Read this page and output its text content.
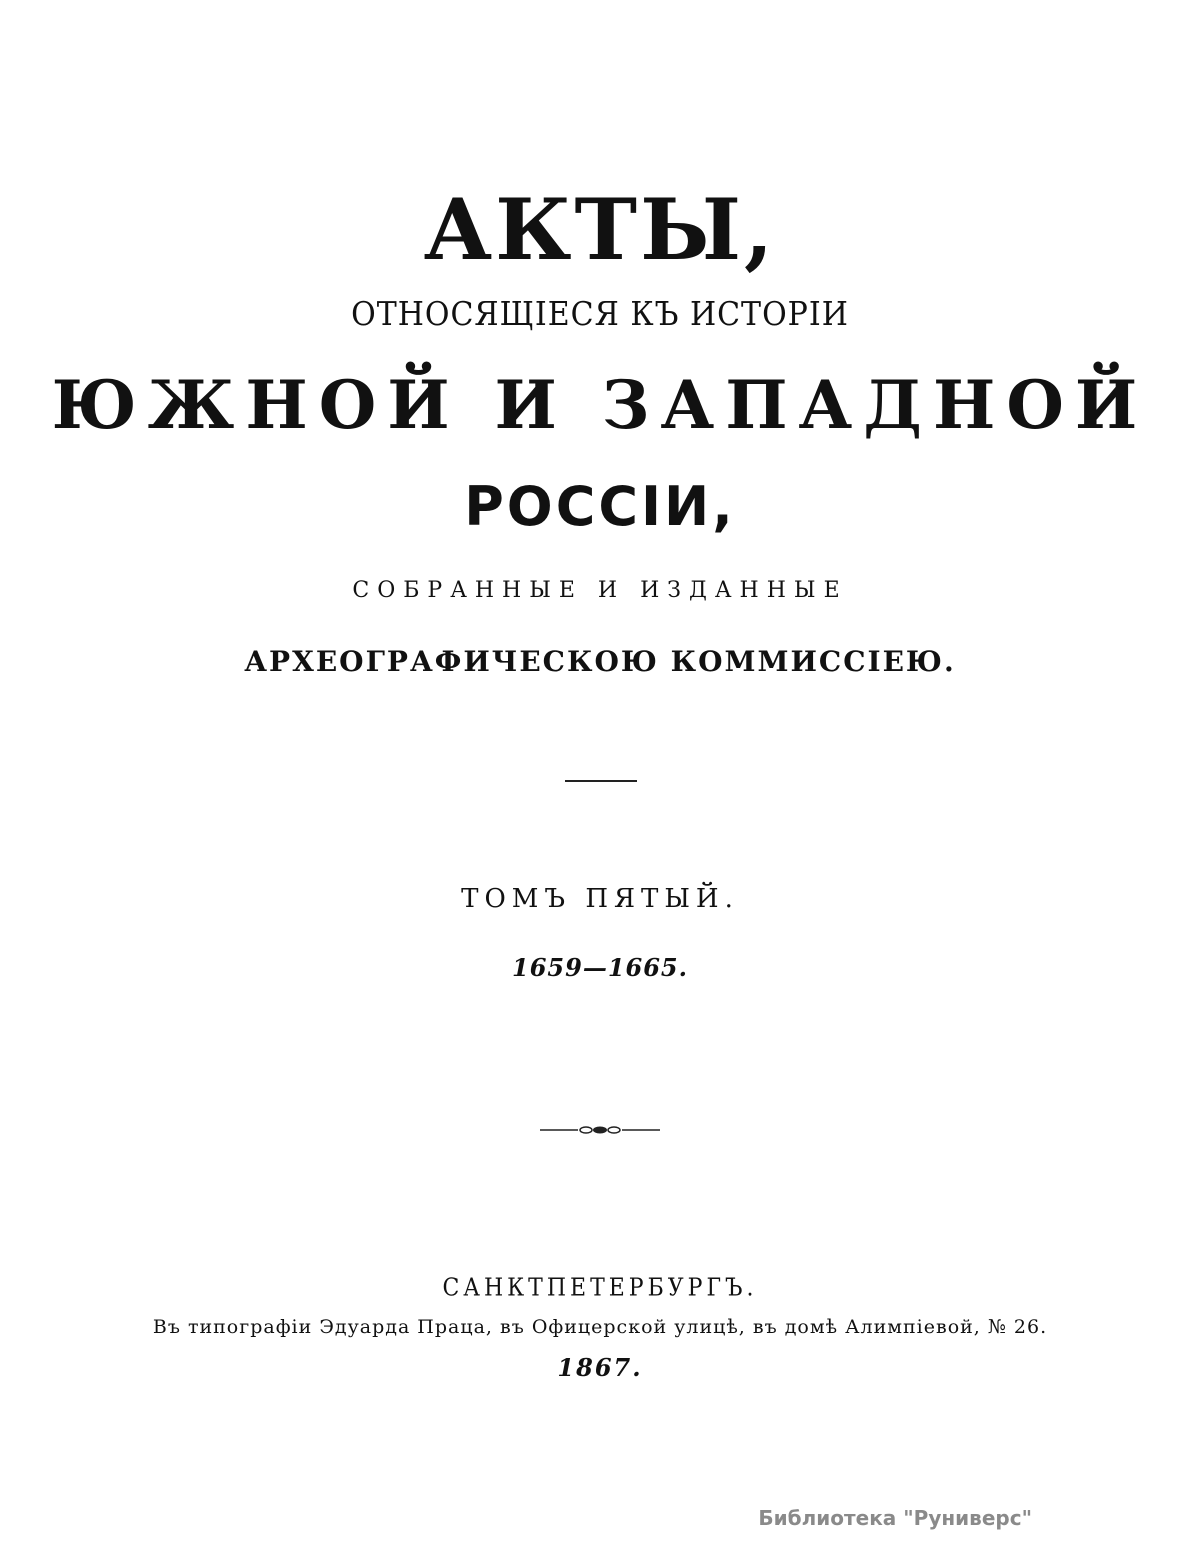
АКТЫ,
ОТНОСЯЩIЕСЯ КЪ ИСТОРIИ
ЮЖНОЙ И ЗАПАДНОЙ
РОССIИ,
СОБРАННЫЕ И ИЗДАННЫЕ
АРХЕОГРАФИЧЕСКОЮ КОММИССIЕЮ.
ТОМЪ ПЯТЫЙ.
1659—1665.
САНКТПЕТЕРБУРГЪ.
Въ типографiи Эдуарда Праца, въ Офицерской улицѣ, въ домѣ Алимпiевой, № 26.
1867.
Библиотека "Руниверс"
